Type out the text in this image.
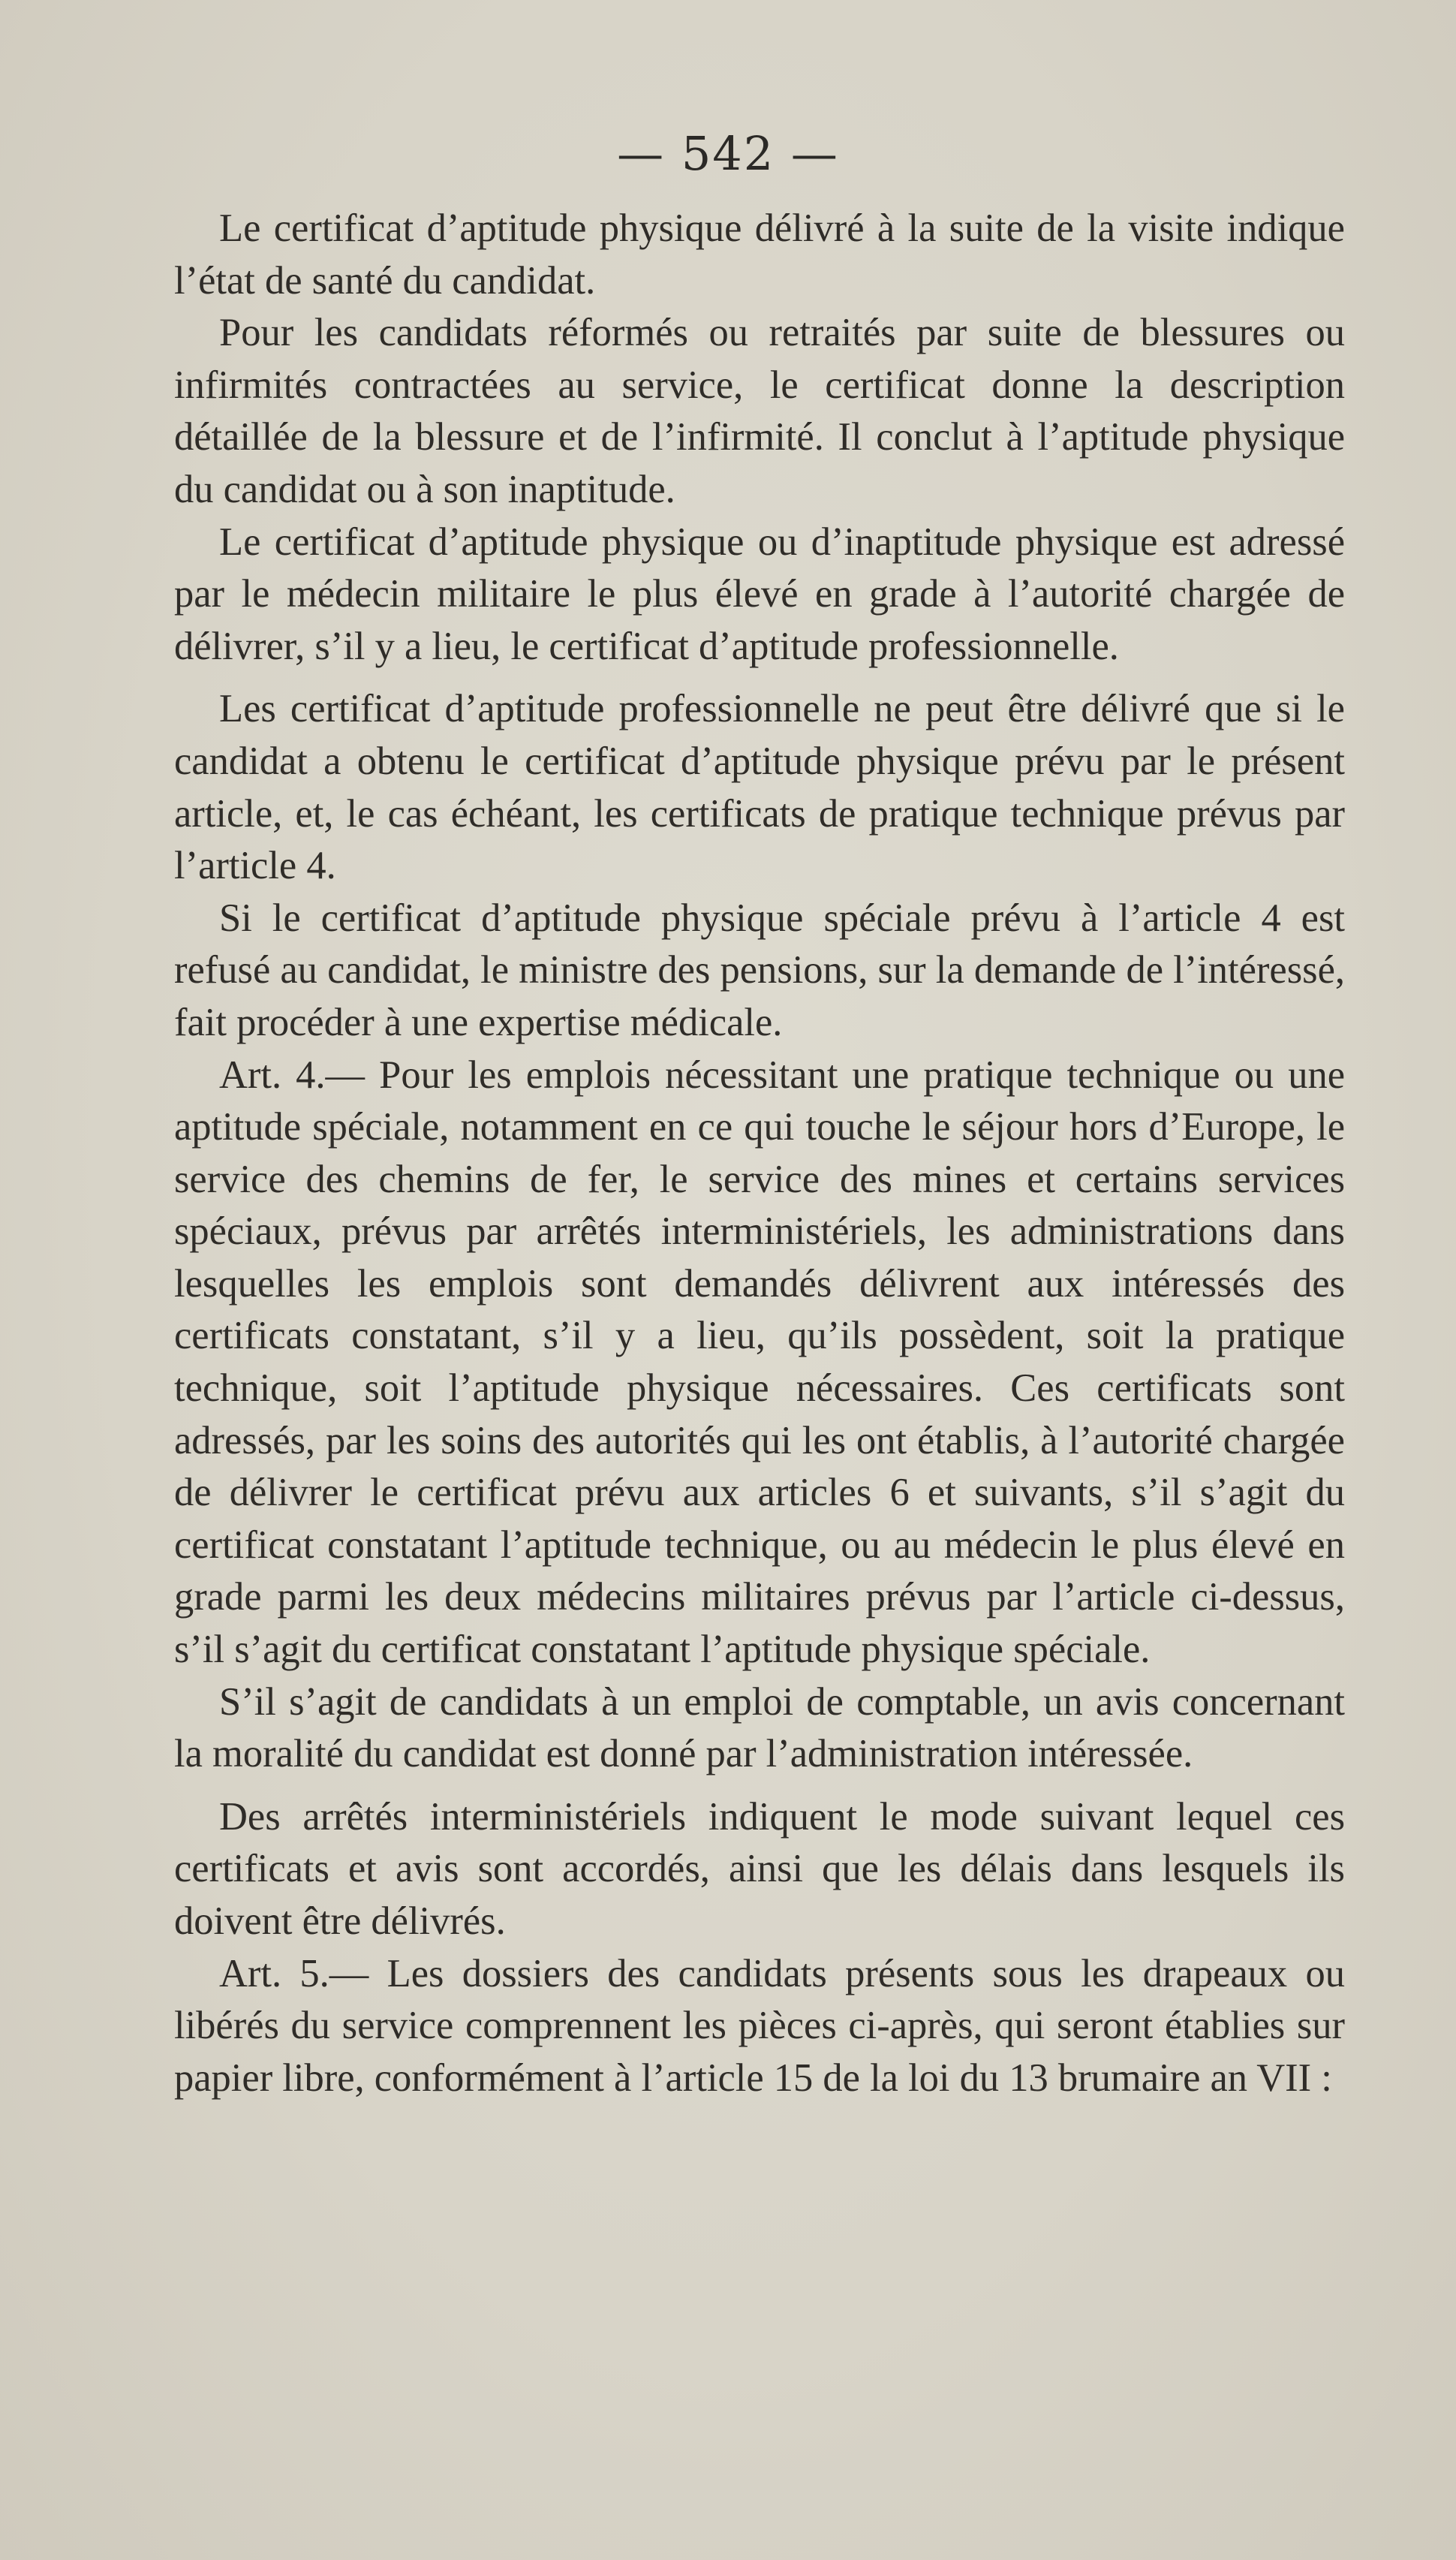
— 542 —

Le certificat d’aptitude physique délivré à la suite de la visite indique l’état de santé du candidat.

Pour les candidats réformés ou retraités par suite de blessures ou infirmités contractées au service, le certificat donne la description détaillée de la blessure et de l’infirmité. Il conclut à l’aptitude physique du candidat ou à son inaptitude.

Le certificat d’aptitude physique ou d’inaptitude physique est adressé par le médecin militaire le plus élevé en grade à l’autorité chargée de délivrer, s’il y a lieu, le certificat d’aptitude professionnelle.

Les certificat d’aptitude professionnelle ne peut être délivré que si le candidat a obtenu le certificat d’aptitude physique prévu par le présent article, et, le cas échéant, les certificats de pratique technique prévus par l’article 4.

Si le certificat d’aptitude physique spéciale prévu à l’article 4 est refusé au candidat, le ministre des pensions, sur la demande de l’intéressé, fait procéder à une expertise médicale.

Art. 4.— Pour les emplois nécessitant une pratique technique ou une aptitude spéciale, notamment en ce qui touche le séjour hors d’Europe, le service des chemins de fer, le service des mines et certains services spéciaux, prévus par arrêtés interministériels, les administrations dans lesquelles les emplois sont demandés délivrent aux intéressés des certificats constatant, s’il y a lieu, qu’ils possèdent, soit la pratique technique, soit l’aptitude physique nécessaires. Ces certificats sont adressés, par les soins des autorités qui les ont établis, à l’autorité chargée de délivrer le certificat prévu aux articles 6 et suivants, s’il s’agit du certificat constatant l’aptitude technique, ou au médecin le plus élevé en grade parmi les deux médecins militaires prévus par l’article ci-dessus, s’il s’agit du certificat constatant l’aptitude physique spéciale.

S’il s’agit de candidats à un emploi de comptable, un avis concernant la moralité du candidat est donné par l’administration intéressée.

Des arrêtés interministériels indiquent le mode suivant lequel ces certificats et avis sont accordés, ainsi que les délais dans lesquels ils doivent être délivrés.

Art. 5.— Les dossiers des candidats présents sous les drapeaux ou libérés du service comprennent les pièces ci-après, qui seront établies sur papier libre, conformément à l’article 15 de la loi du 13 brumaire an VII :
